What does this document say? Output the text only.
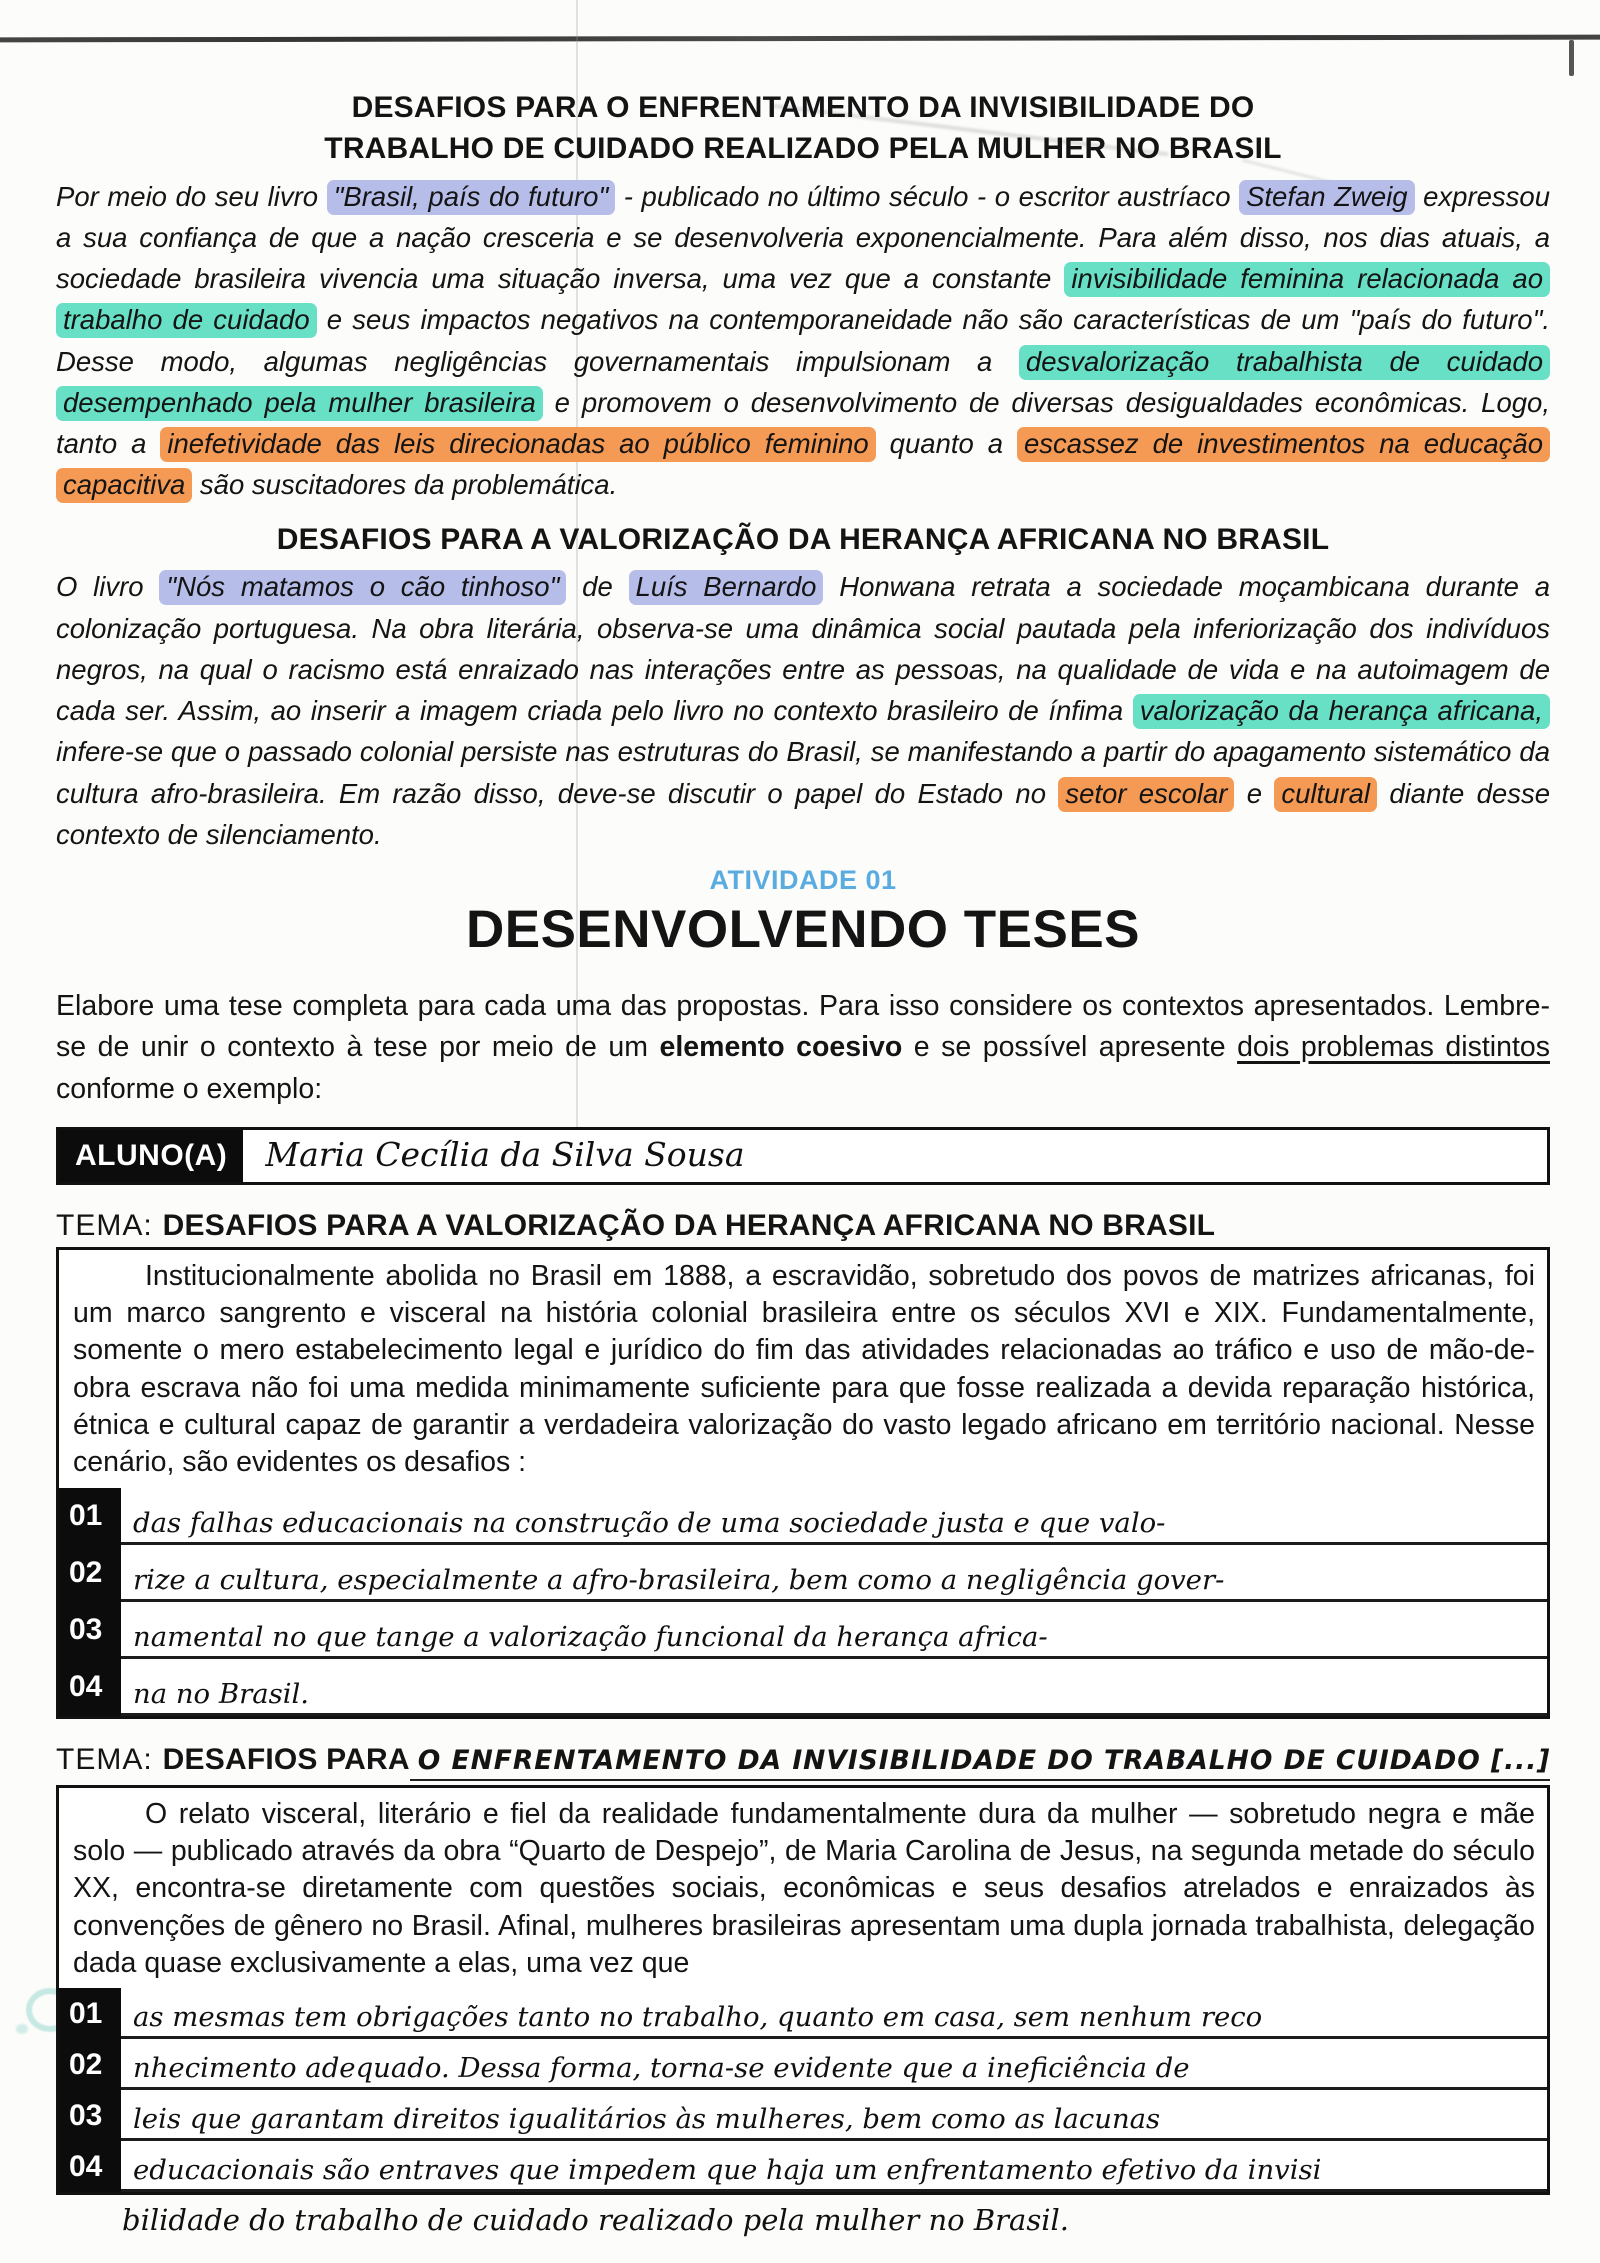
DESAFIOS PARA O ENFRENTAMENTO DA INVISIBILIDADE DO
TRABALHO DE CUIDADO REALIZADO PELA MULHER NO BRASIL

Por meio do seu livro "Brasil, país do futuro" - publicado no último século - o escritor austríaco Stefan Zweig expressou a sua confiança de que a nação cresceria e se desenvolveria exponencialmente. Para além disso, nos dias atuais, a sociedade brasileira vivencia uma situação inversa, uma vez que a constante invisibilidade feminina relacionada ao trabalho de cuidado e seus impactos negativos na contemporaneidade não são características de um "país do futuro". Desse modo, algumas negligências governamentais impulsionam a desvalorização trabalhista de cuidado desempenhado pela mulher brasileira e promovem o desenvolvimento de diversas desigualdades econômicas. Logo, tanto a inefetividade das leis direcionadas ao público feminino quanto a escassez de investimentos na educação capacitiva são suscitadores da problemática.

DESAFIOS PARA A VALORIZAÇÃO DA HERANÇA AFRICANA NO BRASIL

O livro "Nós matamos o cão tinhoso" de Luís Bernardo Honwana retrata a sociedade moçambicana durante a colonização portuguesa. Na obra literária, observa-se uma dinâmica social pautada pela inferiorização dos indivíduos negros, na qual o racismo está enraizado nas interações entre as pessoas, na qualidade de vida e na autoimagem de cada ser. Assim, ao inserir a imagem criada pelo livro no contexto brasileiro de ínfima valorização da herança africana, infere-se que o passado colonial persiste nas estruturas do Brasil, se manifestando a partir do apagamento sistemático da cultura afro-brasileira. Em razão disso, deve-se discutir o papel do Estado no setor escolar e cultural diante desse contexto de silenciamento.

ATIVIDADE 01
DESENVOLVENDO TESES

Elabore uma tese completa para cada uma das propostas. Para isso considere os contextos apresentados. Lembre-se de unir o contexto à tese por meio de um elemento coesivo e se possível apresente dois problemas distintos conforme o exemplo:

ALUNO(A)	Maria Cecília da Silva Sousa
TEMA: DESAFIOS PARA A VALORIZAÇÃO DA HERANÇA AFRICANA NO BRASIL

Institucionalmente abolida no Brasil em 1888, a escravidão, sobretudo dos povos de matrizes africanas, foi um marco sangrento e visceral na história colonial brasileira entre os séculos XVI e XIX. Fundamentalmente, somente o mero estabelecimento legal e jurídico do fim das atividades relacionadas ao tráfico e uso de mão-de-obra escrava não foi uma medida minimamente suficiente para que fosse realizada a devida reparação histórica, étnica e cultural capaz de garantir a verdadeira valorização do vasto legado africano em território nacional. Nesse cenário, são evidentes os desafios :

01	das falhas educacionais na construção de uma sociedade justa e que valo-
02	rize a cultura, especialmente a afro-brasileira, bem como a negligência gover-
03	namental no que tange a valorização funcional da herança africa-
04	na no Brasil.
TEMA: DESAFIOS PARA O ENFRENTAMENTO DA INVISIBILIDADE DO TRABALHO DE CUIDADO [...]

O relato visceral, literário e fiel da realidade fundamentalmente dura da mulher — sobretudo negra e mãe solo — publicado através da obra “Quarto de Despejo”, de Maria Carolina de Jesus, na segunda metade do século XX, encontra-se diretamente com questões sociais, econômicas e seus desafios atrelados e enraizados às convenções de gênero no Brasil. Afinal, mulheres brasileiras apresentam uma dupla jornada trabalhista, delegação dada quase exclusivamente a elas, uma vez que

01	as mesmas tem obrigações tanto no trabalho, quanto em casa, sem nenhum reco
02	nhecimento adequado. Dessa forma, torna-se evidente que a ineficiência de
03	leis que garantam direitos igualitários às mulheres, bem como as lacunas
04	educacionais são entraves que impedem que haja um enfrentamento efetivo da invisi
bilidade do trabalho de cuidado realizado pela mulher no Brasil.
